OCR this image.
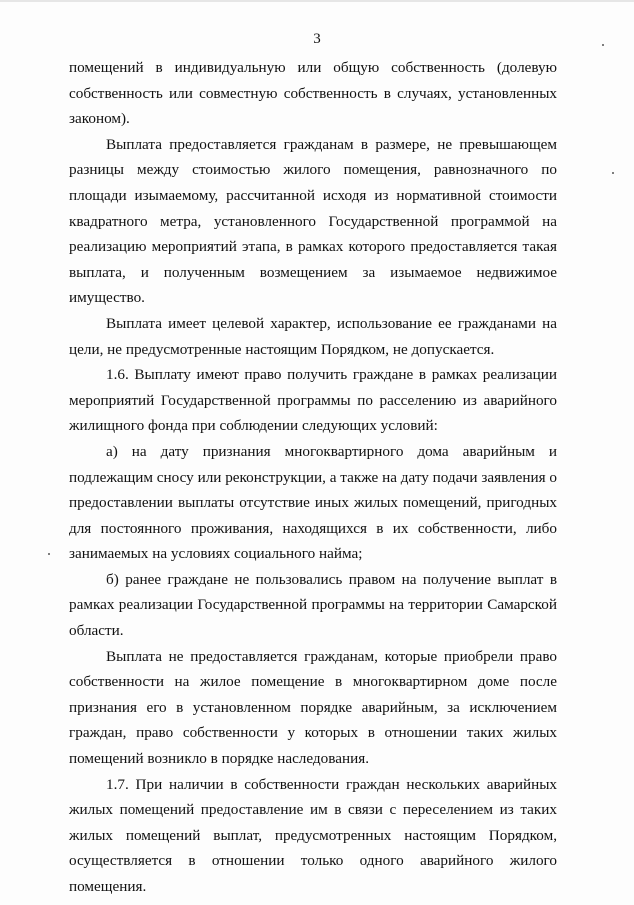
3

помещений в индивидуальную или общую собственность (долевую собственность или совместную собственность в случаях, установленных законом).

Выплата предоставляется гражданам в размере, не превышающем разницы между стоимостью жилого помещения, равнозначного по площади изымаемому, рассчитанной исходя из нормативной стоимости квадратного метра, установленного Государственной программой на реализацию мероприятий этапа, в рамках которого предоставляется такая выплата, и полученным возмещением за изымаемое недвижимое имущество.

Выплата имеет целевой характер, использование ее гражданами на цели, не предусмотренные настоящим Порядком, не допускается.

1.6. Выплату имеют право получить граждане в рамках реализации мероприятий Государственной программы по расселению из аварийного жилищного фонда при соблюдении следующих условий:

а) на дату признания многоквартирного дома аварийным и подлежащим сносу или реконструкции, а также на дату подачи заявления о предоставлении выплаты отсутствие иных жилых помещений, пригодных для постоянного проживания, находящихся в их собственности, либо занимаемых на условиях социального найма;

б) ранее граждане не пользовались правом на получение выплат в рамках реализации Государственной программы на территории Самарской области.

Выплата не предоставляется гражданам, которые приобрели право собственности на жилое помещение в многоквартирном доме после признания его в установленном порядке аварийным, за исключением граждан, право собственности у которых в отношении таких жилых помещений возникло в порядке наследования.

1.7. При наличии в собственности граждан нескольких аварийных жилых помещений предоставление им в связи с переселением из таких жилых помещений выплат, предусмотренных настоящим Порядком, осуществляется в отношении только одного аварийного жилого помещения.
